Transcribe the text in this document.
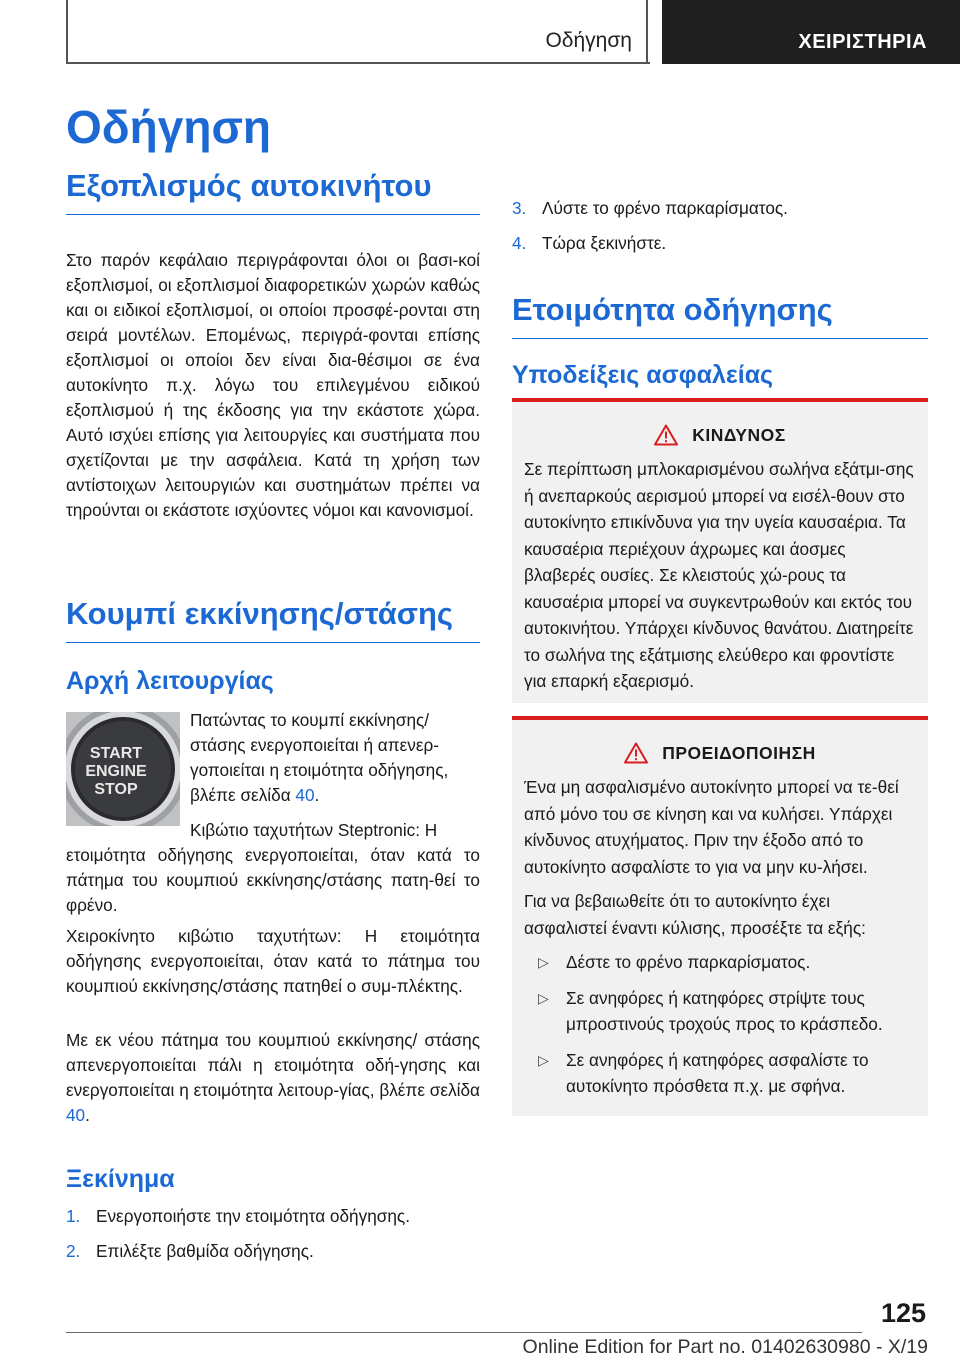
Οδήγηση	ΧΕΙΡΙΣΤΗΡΙΑ
Οδήγηση
Εξοπλισμός αυτοκινήτου

Στο παρόν κεφάλαιο περιγράφονται όλοι οι βασι-κοί εξοπλισμοί, οι εξοπλισμοί διαφορετικών χωρών καθώς και οι ειδικοί εξοπλισμοί, οι οποίοι προσφέ-ρονται στη σειρά μοντέλων. Επομένως, περιγρά-φονται επίσης εξοπλισμοί οι οποίοι δεν είναι δια-θέσιμοι σε ένα αυτοκίνητο π.χ. λόγω του επιλεγμένου ειδικού εξοπλισμού ή της έκδοσης για την εκάστοτε χώρα. Αυτό ισχύει επίσης για λειτουργίες και συστήματα που σχετίζονται με την ασφάλεια. Κατά τη χρήση των αντίστοιχων λειτουργιών και συστημάτων πρέπει να τηρούνται οι εκάστοτε ισχύοντες νόμοι και κανονισμοί.

Κουμπί εκκίνησης/στάσης
Αρχή λειτουργίας
START
ENGINE
STOP

Πατώντας το κουμπί εκκίνησης/

στάσης ενεργοποιείται ή απενερ-

γοποιείται η ετοιμότητα οδήγησης,

βλέπε σελίδα 40.

Κιβώτιο ταχυτήτων Steptronic: Η

ετοιμότητα οδήγησης ενεργοποιείται, όταν κατά το πάτημα του κουμπιού εκκίνησης/στάσης πατη-θεί το φρένο.

Χειροκίνητο κιβώτιο ταχυτήτων: Η ετοιμότητα οδήγησης ενεργοποιείται, όταν κατά το πάτημα του κουμπιού εκκίνησης/στάσης πατηθεί ο συμ-πλέκτης.

Με εκ νέου πάτημα του κουμπιού εκκίνησης/ στάσης απενεργοποιείται πάλι η ετοιμότητα οδή-γησης και ενεργοποιείται η ετοιμότητα λειτουρ-γίας, βλέπε σελίδα 40.

Ξεκίνημα
1. Ενεργοποιήστε την ετοιμότητα οδήγησης.
2. Επιλέξτε βαθμίδα οδήγησης.
3. Λύστε το φρένο παρκαρίσματος.
4. Τώρα ξεκινήστε.
Ετοιμότητα οδήγησης
Υποδείξεις ασφαλείας
ΚΙΝΔΥΝΟΣ

Σε περίπτωση μπλοκαρισμένου σωλήνα εξάτμι-σης ή ανεπαρκούς αερισμού μπορεί να εισέλ-θουν στο αυτοκίνητο επικίνδυνα για την υγεία καυσαέρια. Τα καυσαέρια περιέχουν άχρωμες και άοσμες βλαβερές ουσίες. Σε κλειστούς χώ-ρους τα καυσαέρια μπορεί να συγκεντρωθούν και εκτός του αυτοκινήτου. Υπάρχει κίνδυνος θανάτου. Διατηρείτε το σωλήνα της εξάτμισης ελεύθερο και φροντίστε για επαρκή εξαερισμό.

ΠΡΟΕΙΔΟΠΟΙΗΣΗ

Ένα μη ασφαλισμένο αυτοκίνητο μπορεί να τε-θεί από μόνο του σε κίνηση και να κυλήσει. Υπάρχει κίνδυνος ατυχήματος. Πριν την έξοδο από το αυτοκίνητο ασφαλίστε το για να μην κυ-λήσει.

Για να βεβαιωθείτε ότι το αυτοκίνητο έχει ασφαλιστεί έναντι κύλισης, προσέξτε τα εξής:

▷ Δέστε το φρένο παρκαρίσματος.
▷ Σε ανηφόρες ή κατηφόρες στρίψτε τους μπροστινούς τροχούς προς το κράσπεδο.
▷ Σε ανηφόρες ή κατηφόρες ασφαλίστε το αυτοκίνητο πρόσθετα π.χ. με σφήνα.
125
Online Edition for Part no. 01402630980 - X/19
